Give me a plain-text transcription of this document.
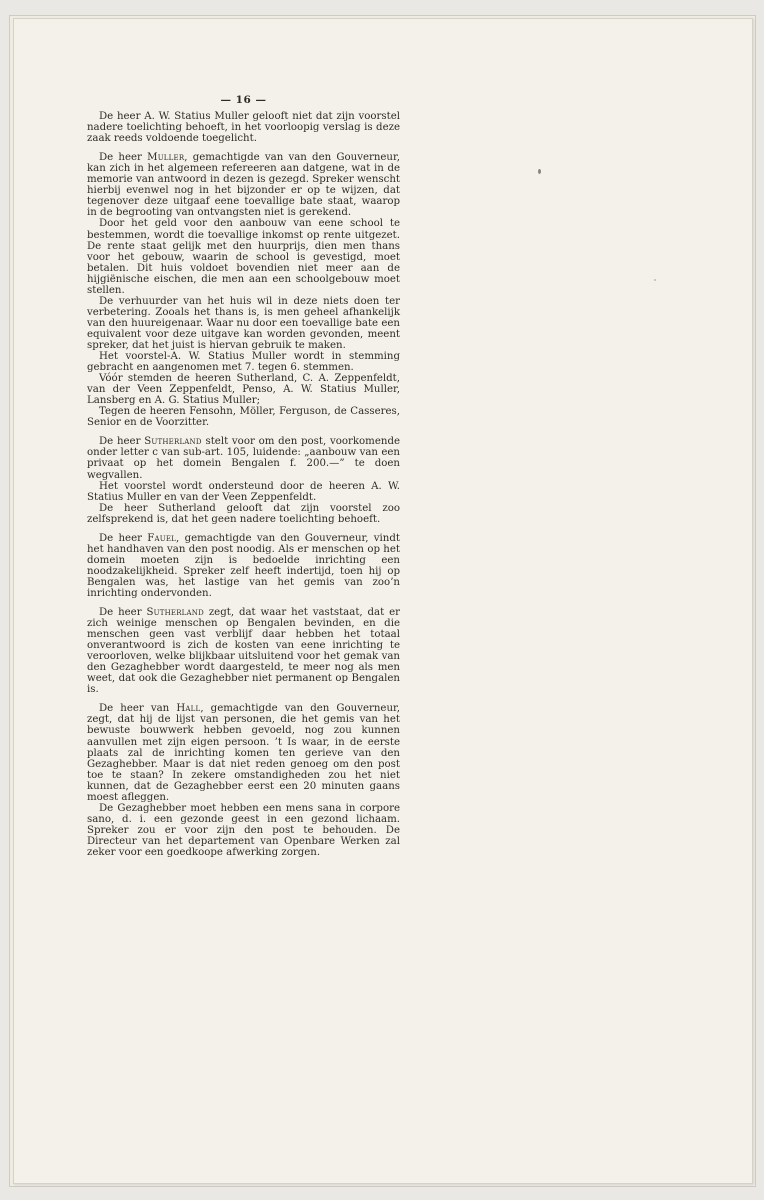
— 16 —

De heer A. W. Statius Muller gelooft niet dat zijn voorstel nadere toelichting behoeft, in het voorloopig verslag is deze zaak reeds voldoende toegelicht.

De heer Muller, gemachtigde van van den Gouverneur, kan zich in het algemeen refereeren aan datgene, wat in de memorie van antwoord in dezen is gezegd. Spreker wenscht hierbij evenwel nog in het bijzonder er op te wijzen, dat tegenover deze uitgaaf eene toevallige bate staat, waarop in de begrooting van ontvangsten niet is gerekend.

Door het geld voor den aanbouw van eene school te bestemmen, wordt die toevallige inkomst op rente uitgezet. De rente staat gelijk met den huurprijs, dien men thans voor het gebouw, waarin de school is gevestigd, moet betalen. Dit huis voldoet bovendien niet meer aan de hijgiënische eischen, die men aan een schoolgebouw moet stellen.

De verhuurder van het huis wil in deze niets doen ter verbetering. Zooals het thans is, is men geheel afhankelijk van den huureigenaar. Waar nu door een toevallige bate een equivalent voor deze uitgave kan worden gevonden, meent spreker, dat het juist is hiervan gebruik te maken.

Het voorstel-A. W. Statius Muller wordt in stemming gebracht en aangenomen met 7. tegen 6. stemmen.

Vóór stemden de heeren Sutherland, C. A. Zeppenfeldt, van der Veen Zeppenfeldt, Penso, A. W. Statius Muller, Lansberg en A. G. Statius Muller;

Tegen de heeren Fensohn, Möller, Ferguson, de Casseres, Senior en de Voorzitter.

De heer Sutherland stelt voor om den post, voorkomende onder letter c van sub-art. 105, luidende: „aanbouw van een privaat op het domein Bengalen f. 200.—” te doen wegvallen.

Het voorstel wordt ondersteund door de heeren A. W. Statius Muller en van der Veen Zeppenfeldt.

De heer Sutherland gelooft dat zijn voorstel zoo zelfsprekend is, dat het geen nadere toelichting behoeft.

De heer Fauel, gemachtigde van den Gouverneur, vindt het handhaven van den post noodig. Als er menschen op het domein moeten zijn is bedoelde inrichting een noodzakelijkheid. Spreker zelf heeft indertijd, toen hij op Bengalen was, het lastige van het gemis van zoo’n inrichting ondervonden.

De heer Sutherland zegt, dat waar het vaststaat, dat er zich weinige menschen op Bengalen bevinden, en die menschen geen vast verblijf daar hebben het totaal onverantwoord is zich de kosten van eene inrichting te veroorloven, welke blijkbaar uitsluitend voor het gemak van den Gezaghebber wordt daargesteld, te meer nog als men weet, dat ook die Gezaghebber niet permanent op Bengalen is.

De heer van Hall, gemachtigde van den Gouverneur, zegt, dat hij de lijst van personen, die het gemis van het bewuste bouwwerk hebben gevoeld, nog zou kunnen aanvullen met zijn eigen persoon. ’t Is waar, in de eerste plaats zal de inrichting komen ten gerieve van den Gezaghebber. Maar is dat niet reden genoeg om den post toe te staan? In zekere omstandigheden zou het niet kunnen, dat de Gezaghebber eerst een 20 minuten gaans moest afleggen.

De Gezaghebber moet hebben een mens sana in corpore sano, d. i. een gezonde geest in een gezond lichaam. Spreker zou er voor zijn den post te behouden. De Directeur van het departement van Openbare Werken zal zeker voor een goedkoope afwerking zorgen.
